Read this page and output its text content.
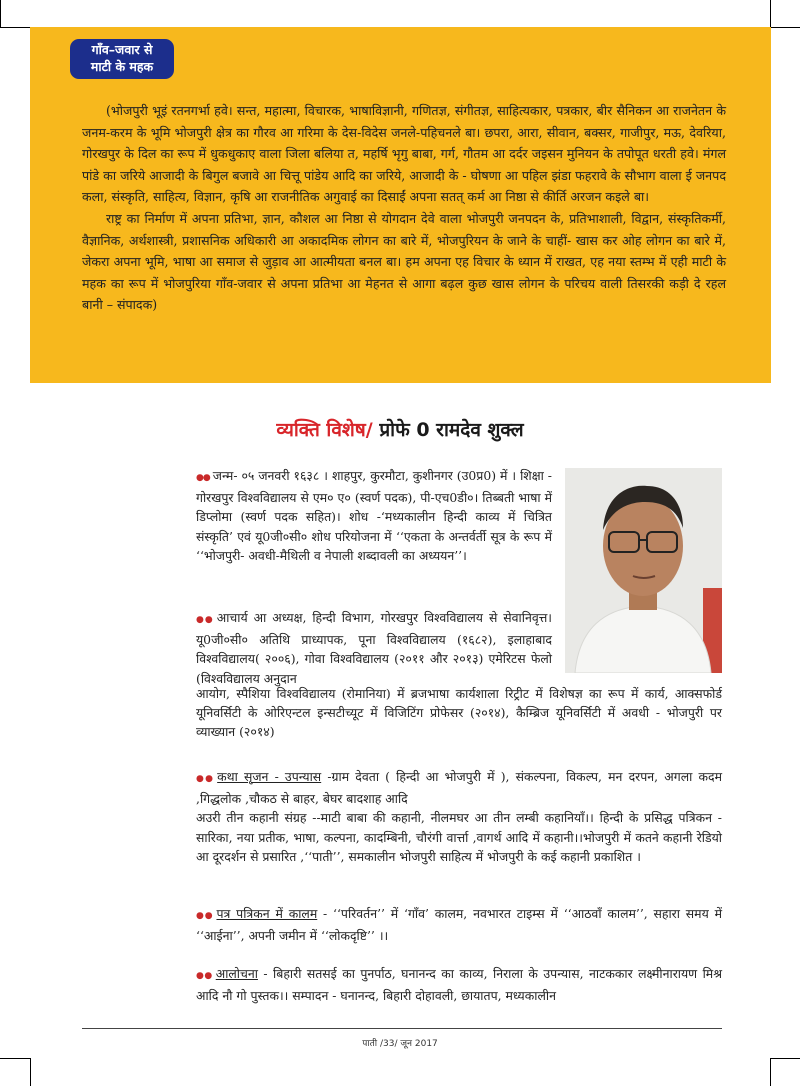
गाँव–जवार से
माटी के महक

(भोजपुरी भूइं रतनगर्भा हवे। सन्त, महात्मा, विचारक, भाषाविज्ञानी, गणितज्ञ, संगीतज्ञ, साहित्यकार, पत्रकार, बीर सैनिकन आ राजनेतन के जनम-करम के भूमि भोजपुरी क्षेत्र का गौरव आ गरिमा के देस-विदेस जनले-पहिचनले बा। छपरा, आरा, सीवान, बक्सर, गाजीपुर, मऊ, देवरिया, गोरखपुर के दिल का रूप में धुकधुकाए वाला जिला बलिया त, महर्षि भृगु बाबा, गर्ग, गौतम आ दर्दर जइसन मुनियन के तपोपूत धरती हवे। मंगल पांडे का जरिये आजादी के बिगुल बजावे आ चित्तू पांडेय आदि का जरिये, आजादी के - घोषणा आ पहिल झंडा फहरावे के सौभाग वाला ई जनपद कला, संस्कृति, साहित्य, विज्ञान, कृषि आ राजनीतिक अगुवाई का दिसाईं अपना सतत् कर्म आ निष्ठा से कीर्ति अरजन कइले बा।

राष्ट्र का निर्माण में अपना प्रतिभा, ज्ञान, कौशल आ निष्ठा से योगदान देवे वाला भोजपुरी जनपदन के, प्रतिभाशाली, विद्वान, संस्कृतिकर्मी, वैज्ञानिक, अर्थशास्त्री, प्रशासनिक अधिकारी आ अकादमिक लोगन का बारे में, भोजपुरियन के जाने के चाहीं- खास कर ओह लोगन का बारे में, जेकरा अपना भूमि, भाषा आ समाज से जुड़ाव आ आत्मीयता बनल बा। हम अपना एह विचार के ध्यान में राखत, एह नया स्तम्भ में एही माटी के महक का रूप में भोजपुरिया गाँव-जवार से अपना प्रतिभा आ मेहनत से आगा बढ़ल कुछ खास लोगन के परिचय वाली तिसरकी कड़ी दे रहल बानी – संपादक)

व्यक्ति विशेष/ प्रोफे 0 रामदेव शुक्ल
●● जन्म- ०५ जनवरी १६३८ । शाहपुर, कुरमौटा, कुशीनगर (उ0प्र0) में । शिक्षा - गोरखपुर विश्वविद्यालय से एम० ए० (स्वर्ण पदक), पी-एच0डी०। तिब्बती भाषा में डिप्लोमा (स्वर्ण पदक सहित)। शोध -‘मध्यकालीन हिन्दी काव्य में चित्रित संस्कृति’ एवं यू0जी०सी० शोध परियोजना में ‘‘एकता के अन्तर्वर्ती सूत्र के रूप में ‘‘भोजपुरी- अवधी-मैथिली व नेपाली शब्दावली का अध्ययन’’।
●● आचार्य आ अध्यक्ष, हिन्दी विभाग, गोरखपुर विश्वविद्यालय से सेवानिवृत्त। यू0जी०सी० अतिथि प्राध्यापक, पूना विश्वविद्यालय (१६८२), इलाहाबाद विश्वविद्यालय( २००६), गोवा विश्वविद्यालय (२०११ और २०१३) एमेरिटस फेलो (विश्वविद्यालय अनुदान
आयोग, स्पैशिया विश्वविद्यालय (रोमानिया) में ब्रजभाषा कार्यशाला रिट्रीट में विशेषज्ञ का रूप में कार्य, आक्सफोर्ड यूनिवर्सिटी के ओरिएन्टल इन्सटीच्यूट में विजिटिंग प्रोफेसर (२०१४), कैम्ब्रिज यूनिवर्सिटी में अवधी - भोजपुरी पर व्याख्यान (२०१४)
●● कथा सृजन - उपन्यास -ग्राम देवता ( हिन्दी आ भोजपुरी में ), संकल्पना, विकल्प, मन दरपन, अगला कदम ,गिद्धलोक ,चौकठ से बाहर, बेघर बादशाह आदि
अउरी तीन कहानी संग्रह --माटी बाबा की कहानी, नीलमघर आ तीन लम्बी कहानियाँ।। हिन्दी के प्रसिद्ध पत्रिकन - सारिका, नया प्रतीक, भाषा, कल्पना, कादम्बिनी, चौरंगी वार्त्ता ,वागर्थ आदि में कहानी।।भोजपुरी में कतने कहानी रेडियो आ दूरदर्शन से प्रसारित ,‘‘पाती’’, समकालीन भोजपुरी साहित्य में भोजपुरी के कई कहानी प्रकाशित ।
●● पत्र पत्रिकन में कालम - ‘‘परिवर्तन’’ में ‘गाँव’ कालम, नवभारत टाइम्स में ‘‘आठवाँ कालम’’, सहारा समय में ‘‘आईना’’, अपनी जमीन में ‘‘लोकदृष्टि’’ ।।
●● आलोचना - बिहारी सतसई का पुनर्पाठ, घनानन्द का काव्य, निराला के उपन्यास, नाटककार लक्ष्मीनारायण मिश्र आदि नौ गो पुस्तक।। सम्पादन - घनानन्द, बिहारी दोहावली, छायातप, मध्यकालीन
पाती /33/ जून 2017
